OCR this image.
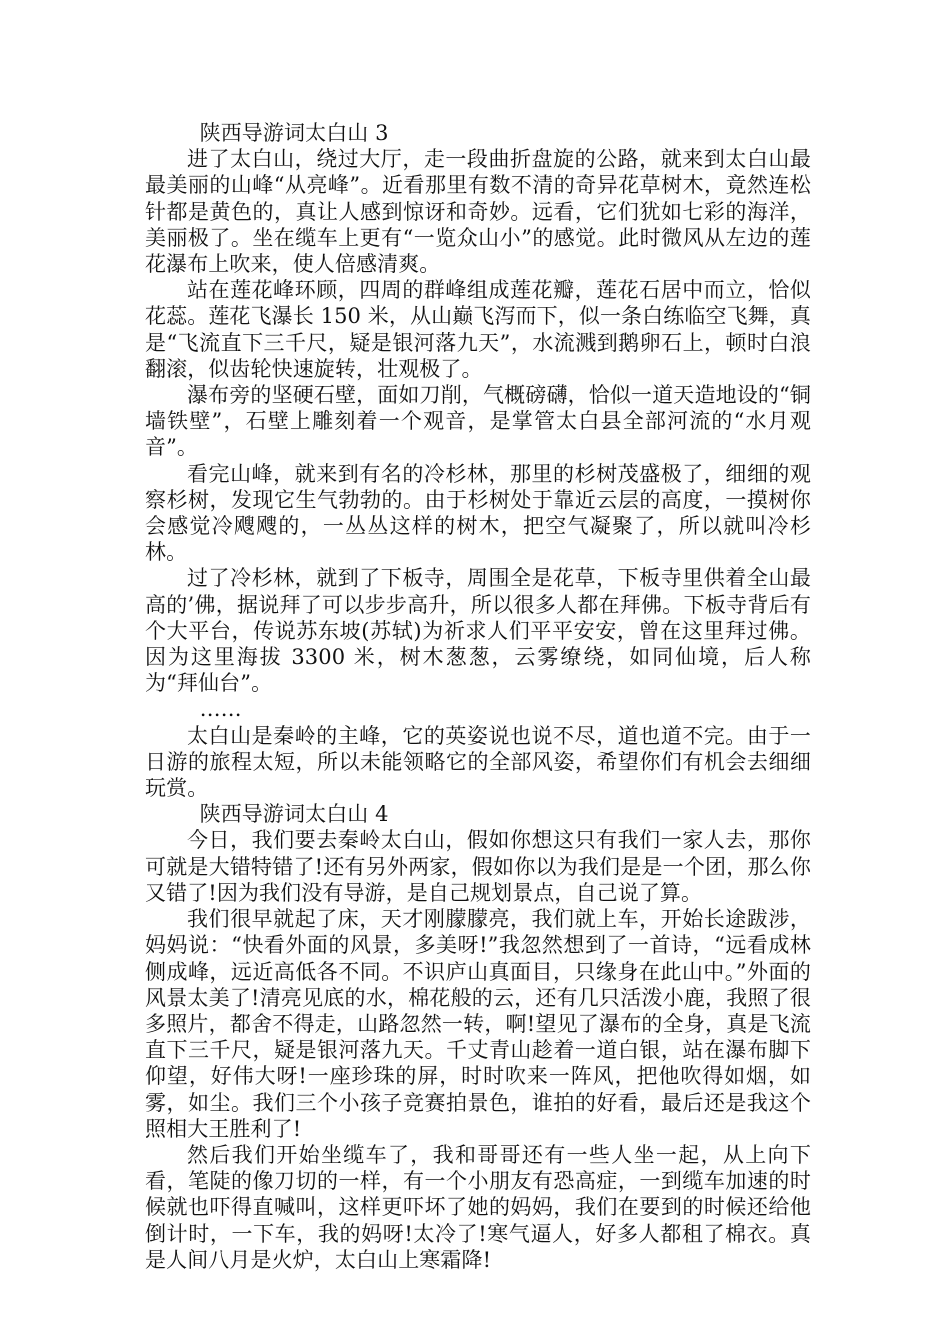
陕西导游词太白山 3

进了太白山，绕过大厅，走一段曲折盘旋的公路，就来到太白山最最美丽的山峰“从亮峰”。近看那里有数不清的奇异花草树木，竟然连松针都是黄色的，真让人感到惊讶和奇妙。远看，它们犹如七彩的海洋，美丽极了。坐在缆车上更有“一览众山小”的感觉。此时微风从左边的莲花瀑布上吹来，使人倍感清爽。

站在莲花峰环顾，四周的群峰组成莲花瓣，莲花石居中而立，恰似花蕊。莲花飞瀑长 150 米，从山巅飞泻而下，似一条白练临空飞舞，真是“飞流直下三千尺，疑是银河落九天”，水流溅到鹅卵石上，顿时白浪翻滚，似齿轮快速旋转，壮观极了。

瀑布旁的坚硬石壁，面如刀削，气概磅礴，恰似一道天造地设的“铜墙铁壁”，石壁上雕刻着一个观音，是掌管太白县全部河流的“水月观音”。

看完山峰，就来到有名的冷杉林，那里的杉树茂盛极了，细细的观察杉树，发现它生气勃勃的。由于杉树处于靠近云层的高度，一摸树你会感觉冷飕飕的，一丛丛这样的树木，把空气凝聚了，所以就叫冷杉林。

过了冷杉林，就到了下板寺，周围全是花草，下板寺里供着全山最高的’佛，据说拜了可以步步高升，所以很多人都在拜佛。下板寺背后有个大平台，传说苏东坡(苏轼)为祈求人们平平安安，曾在这里拜过佛。因为这里海拔 3300 米，树木葱葱，云雾缭绕，如同仙境，后人称为“拜仙台”。

……

太白山是秦岭的主峰，它的英姿说也说不尽，道也道不完。由于一日游的旅程太短，所以未能领略它的全部风姿，希望你们有机会去细细玩赏。

陕西导游词太白山 4

今日，我们要去秦岭太白山，假如你想这只有我们一家人去，那你可就是大错特错了!还有另外两家，假如你以为我们是是一个团，那么你又错了!因为我们没有导游，是自己规划景点，自己说了算。

我们很早就起了床，天才刚朦朦亮，我们就上车，开始长途跋涉，妈妈说：“快看外面的风景，多美呀!”我忽然想到了一首诗，“远看成林侧成峰，远近高低各不同。不识庐山真面目，只缘身在此山中。”外面的风景太美了!清亮见底的水，棉花般的云，还有几只活泼小鹿，我照了很多照片，都舍不得走，山路忽然一转，啊!望见了瀑布的全身，真是飞流直下三千尺，疑是银河落九天。千丈青山趁着一道白银，站在瀑布脚下仰望，好伟大呀!一座珍珠的屏，时时吹来一阵风，把他吹得如烟，如雾，如尘。我们三个小孩子竞赛拍景色，谁拍的好看，最后还是我这个照相大王胜利了!

然后我们开始坐缆车了，我和哥哥还有一些人坐一起，从上向下看，笔陡的像刀切的一样，有一个小朋友有恐高症，一到缆车加速的时候就也吓得直喊叫，这样更吓坏了她的妈妈，我们在要到的时候还给他倒计时，一下车，我的妈呀!太冷了!寒气逼人，好多人都租了棉衣。真是人间八月是火炉，太白山上寒霜降!
